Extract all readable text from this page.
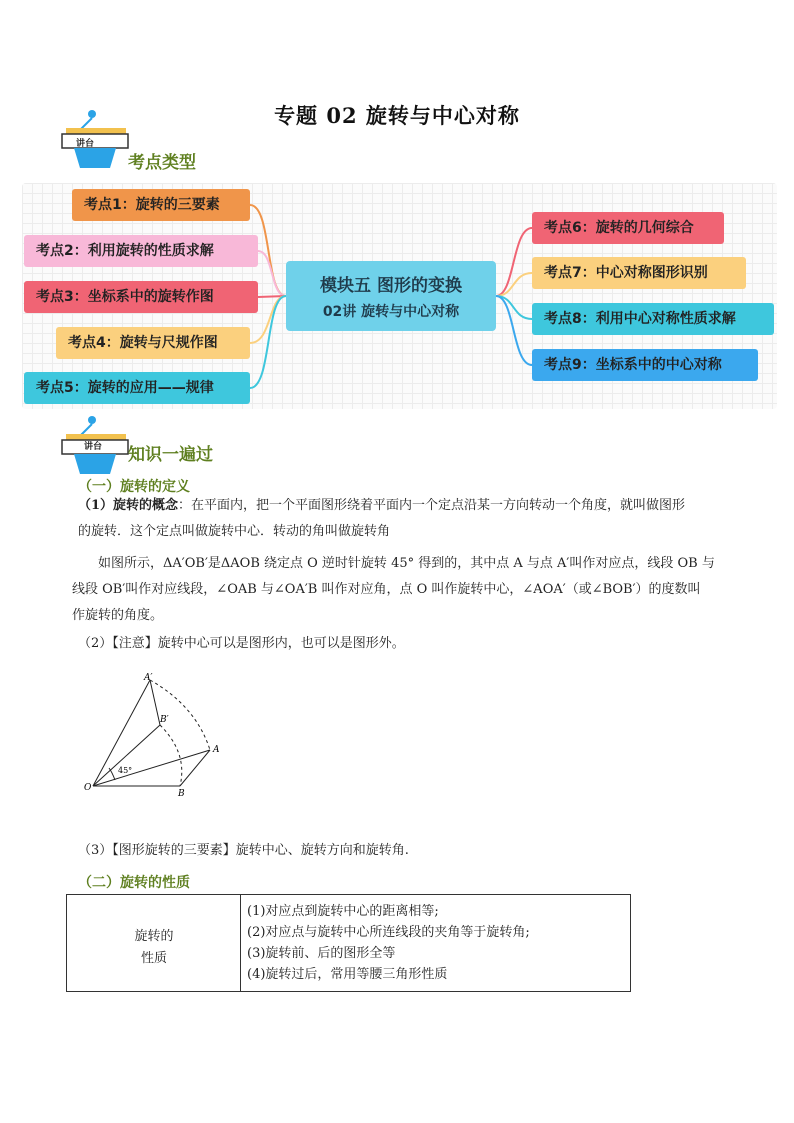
专题 02 旋转与中心对称
讲台
考点类型
考点1：旋转的三要素
考点2：利用旋转的性质求解
考点3：坐标系中的旋转作图
考点4：旋转与尺规作图
考点5：旋转的应用——规律
模块五 图形的变换
02讲 旋转与中心对称
考点6：旋转的几何综合
考点7：中心对称图形识别
考点8：利用中心对称性质求解
考点9：坐标系中的中心对称
讲台 知识一遍过
（一）旋转的定义
（1）旋转的概念：在平面内，把一个平面图形绕着平面内一个定点沿某一方向转动一个角度，就叫做图形
的旋转．这个定点叫做旋转中心．转动的角叫做旋转角
如图所示，ΔA′OB′是ΔAOB 绕定点 O 逆时针旋转 45° 得到的，其中点 A 与点 A′叫作对应点，线段 OB 与
线段 OB′叫作对应线段，∠OAB 与∠OA′B 叫作对应角，点 O 叫作旋转中心，∠AOA′（或∠BOB′）的度数叫
作旋转的角度。
（2）【注意】旋转中心可以是图形内，也可以是图形外。
A′
B′
A
B
O
45°
（3）【图形旋转的三要素】旋转中心、旋转方向和旋转角.
（二）旋转的性质
旋转的
性质
(1)对应点到旋转中心的距离相等;
(2)对应点与旋转中心所连线段的夹角等于旋转角;
(3)旋转前、后的图形全等
(4)旋转过后，常用等腰三角形性质
